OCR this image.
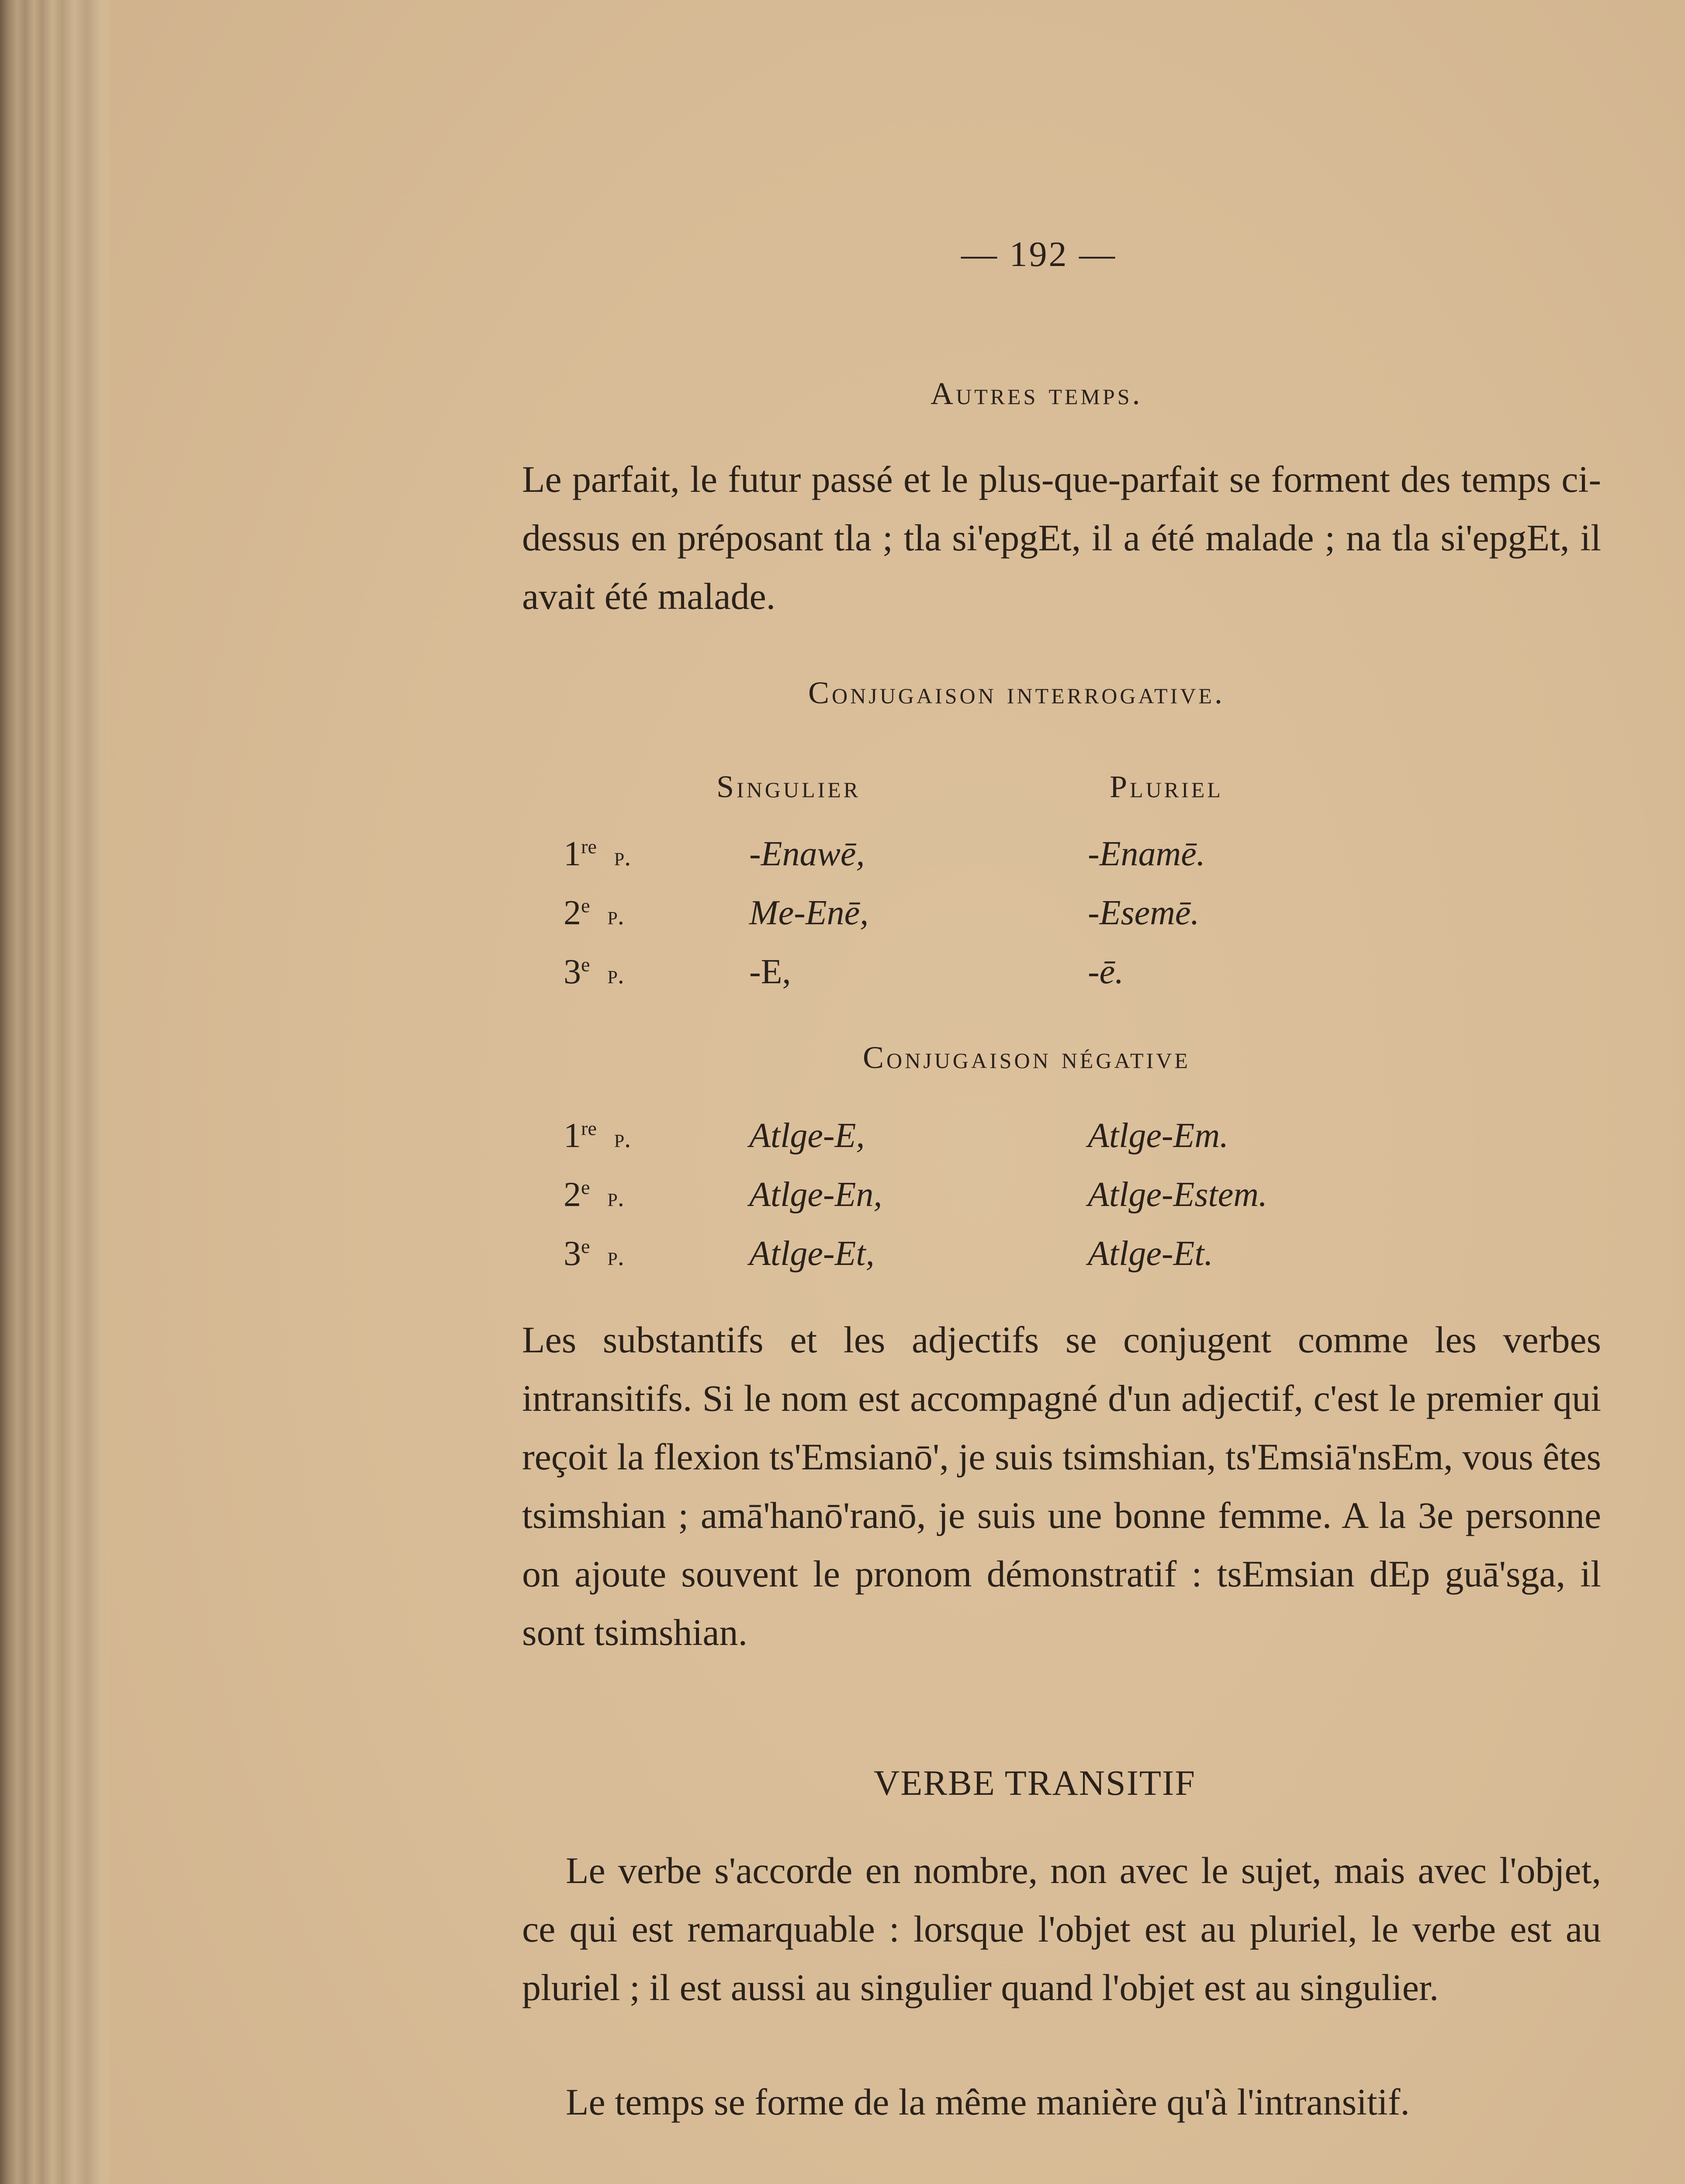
— 192 —
Autres temps.
Le parfait, le futur passé et le plus-que-parfait se forment des temps ci-dessus en préposant tla ; tla si'epgEt, il a été malade ; na tla si'epgEt, il avait été malade.
Conjugaison interrogative.
Singulier	Pluriel
1re p.	-Enawē,	-Enamē.
2e p.	Me-Enē,	-Esemē.
3e p.	-E,	-ē.
Conjugaison négative
1re p.	Atlge-E,	Atlge-Em.
2e p.	Atlge-En,	Atlge-Estem.
3e p.	Atlge-Et,	Atlge-Et.
Les substantifs et les adjectifs se conjugent comme les verbes intransitifs. Si le nom est accompagné d'un adjectif, c'est le premier qui reçoit la flexion ts'Emsianō', je suis tsimshian, ts'Emsiā'nsEm, vous êtes tsimshian ; amā'hanō'ranō, je suis une bonne femme. A la 3e personne on ajoute souvent le pronom démonstratif : tsEmsian dEp guā'sga, il sont tsimshian.
VERBE TRANSITIF
Le verbe s'accorde en nombre, non avec le sujet, mais avec l'objet, ce qui est remarquable : lorsque l'objet est au pluriel, le verbe est au pluriel ; il est aussi au singulier quand l'objet est au singulier.
Le temps se forme de la même manière qu'à l'intransitif.
